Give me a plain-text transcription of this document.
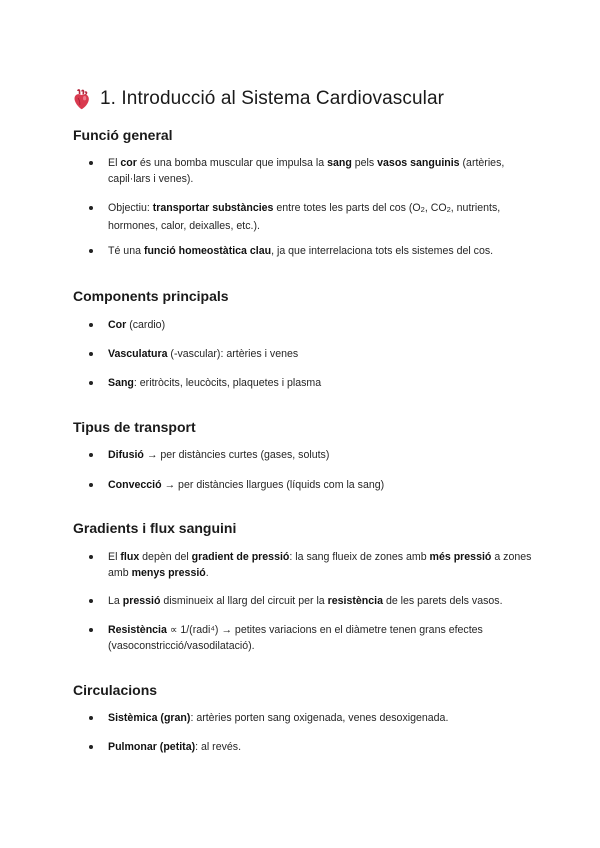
1. Introducció al Sistema Cardiovascular
Funció general
El cor és una bomba muscular que impulsa la sang pels vasos sanguinis (artèries, capil·lars i venes).
Objectiu: transportar substàncies entre totes les parts del cos (O2, CO2, nutrients, hormones, calor, deixalles, etc.).
Té una funció homeostàtica clau, ja que interrelaciona tots els sistemes del cos.
Components principals
Cor (cardio)
Vasculatura (-vascular): artèries i venes
Sang: eritròcits, leucòcits, plaquetes i plasma
Tipus de transport
Difusió → per distàncies curtes (gases, soluts)
Convecció → per distàncies llargues (líquids com la sang)
Gradients i flux sanguini
El flux depèn del gradient de pressió: la sang flueix de zones amb més pressió a zones amb menys pressió.
La pressió disminueix al llarg del circuit per la resistència de les parets dels vasos.
Resistència ∝ 1/(radi⁴) → petites variacions en el diàmetre tenen grans efectes (vasoconstricció/vasodilatació).
Circulacions
Sistèmica (gran): artèries porten sang oxigenada, venes desoxigenada.
Pulmonar (petita): al revés.
